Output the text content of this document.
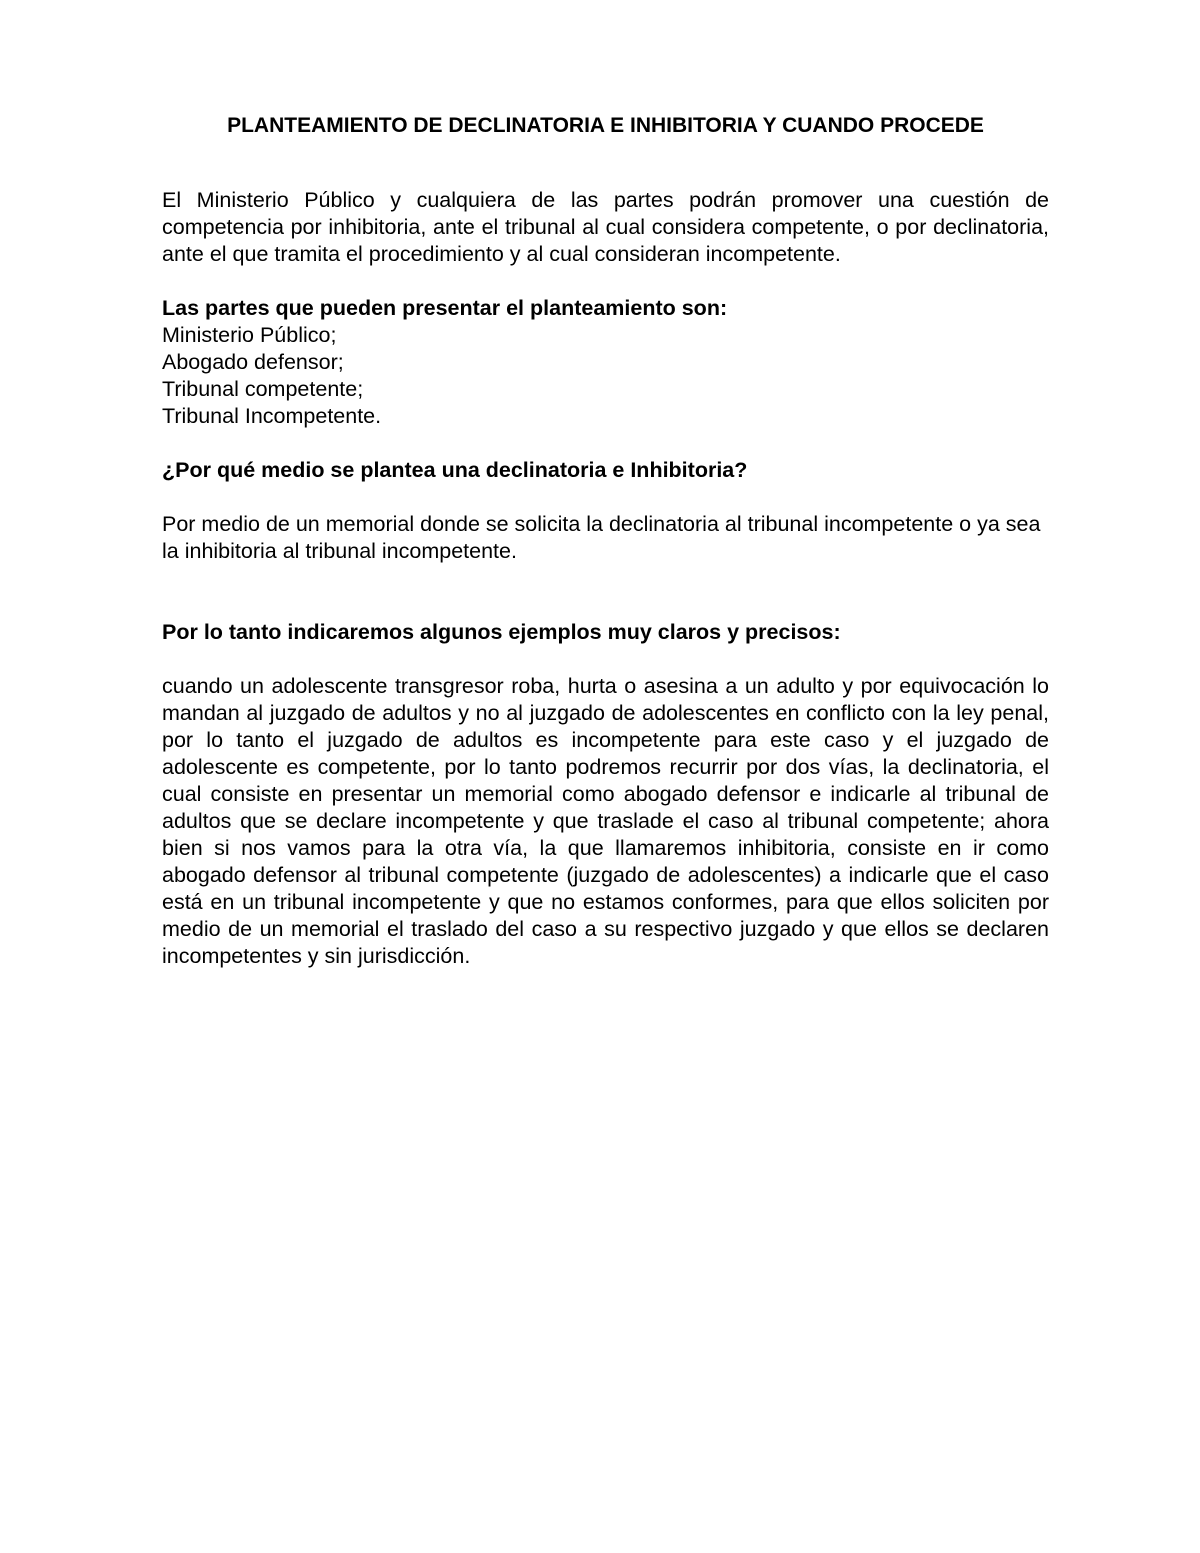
PLANTEAMIENTO DE DECLINATORIA E INHIBITORIA Y CUANDO PROCEDE

El Ministerio Público y cualquiera de las partes podrán promover una cuestión de competencia por inhibitoria, ante el tribunal al cual considera competente, o por declinatoria, ante el que tramita el procedimiento y al cual consideran incompetente.

Las partes que pueden presentar el planteamiento son:

Ministerio Público;

Abogado defensor;

Tribunal competente;

Tribunal Incompetente.

¿Por qué medio se plantea una declinatoria e Inhibitoria?

Por medio de un memorial donde se solicita la declinatoria al tribunal incompetente o ya sea la inhibitoria al tribunal incompetente.

Por lo tanto indicaremos algunos ejemplos muy claros y precisos:

cuando un adolescente transgresor roba, hurta o asesina a un adulto y por equivocación lo mandan al juzgado de adultos y no al juzgado de adolescentes en conflicto con la ley penal, por lo tanto el juzgado de adultos es incompetente para este caso y el juzgado de adolescente es competente, por lo tanto podremos recurrir por dos vías, la declinatoria, el cual consiste en presentar un memorial como abogado defensor e indicarle al tribunal de adultos que se declare incompetente y que traslade el caso al tribunal competente; ahora bien si nos vamos para la otra vía, la que llamaremos inhibitoria, consiste en ir como abogado defensor al tribunal competente (juzgado de adolescentes) a indicarle que el caso está en un tribunal incompetente y que no estamos conformes, para que ellos soliciten por medio de un memorial el traslado del caso a su respectivo juzgado y que ellos se declaren incompetentes y sin jurisdicción.
